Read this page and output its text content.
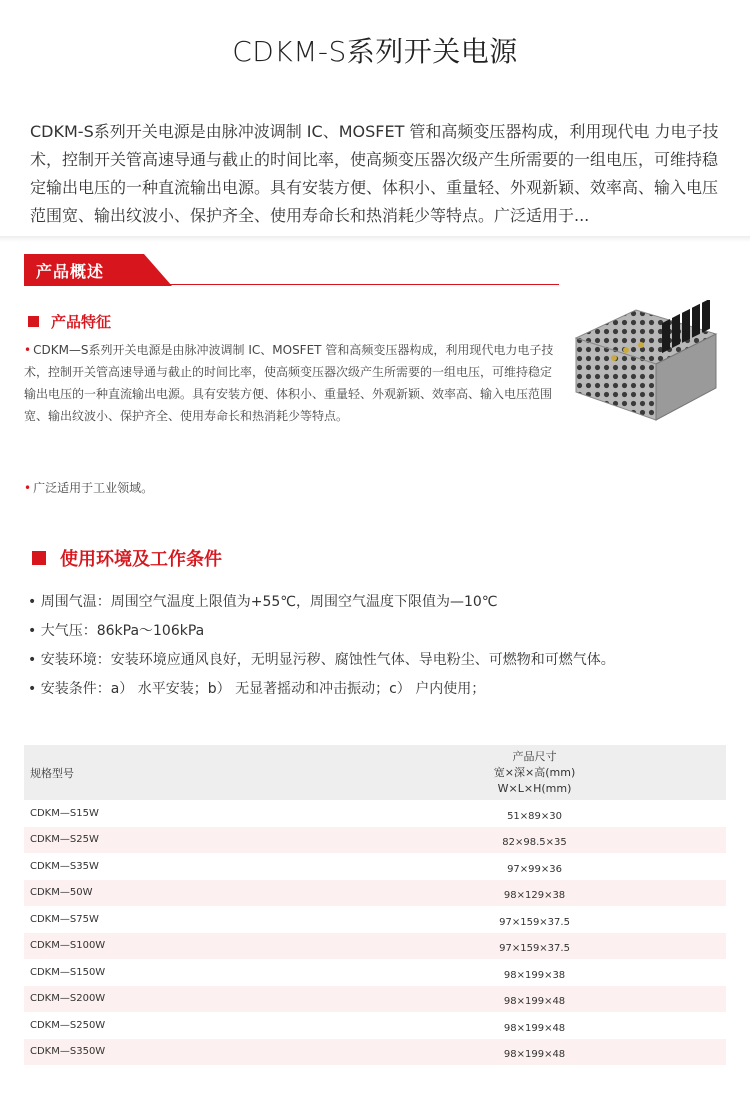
CDKM-S系列开关电源
CDKM-S系列开关电源是由脉冲波调制 IC、MOSFET 管和高频变压器构成，利用现代电 力电子技术，控制开关管高速导通与截止的时间比率，使高频变压器次级产生所需要的一组电压，可维持稳定输出电压的一种直流输出电源。具有安装方便、体积小、重量轻、外观新颖、效率高、输入电压范围宽、输出纹波小、保护齐全、使用寿命长和热消耗少等特点。广泛适用于...
产品概述
产品特征
• CDKM—S系列开关电源是由脉冲波调制 IC、MOSFET 管和高频变压器构成，利用现代电力电子技术，控制开关管高速导通与截止的时间比率，使高频变压器次级产生所需要的一组电压，可维持稳定输出电压的一种直流输出电源。具有安装方便、体积小、重量轻、外观新颖、效率高、输入电压范围宽、输出纹波小、保护齐全、使用寿命长和热消耗少等特点。
• 广泛适用于工业领域。
使用环境及工作条件
• 周围气温：周围空气温度上限值为+55℃，周围空气温度下限值为—10℃
• 大气压：86kPa～106kPa
• 安装环境：安装环境应通风良好，无明显污秽、腐蚀性气体、导电粉尘、可燃物和可燃气体。
• 安装条件：a） 水平安装；b） 无显著摇动和冲击振动；c） 户内使用；
规格型号	产品尺寸
宽×深×高(mm)
W×L×H(mm)

CDKM—S15W	51×89×30
CDKM—S25W	82×98.5×35
CDKM—S35W	97×99×36
CDKM—50W	98×129×38
CDKM—S75W	97×159×37.5
CDKM—S100W	97×159×37.5
CDKM—S150W	98×199×38
CDKM—S200W	98×199×48
CDKM—S250W	98×199×48
CDKM—S350W	98×199×48
